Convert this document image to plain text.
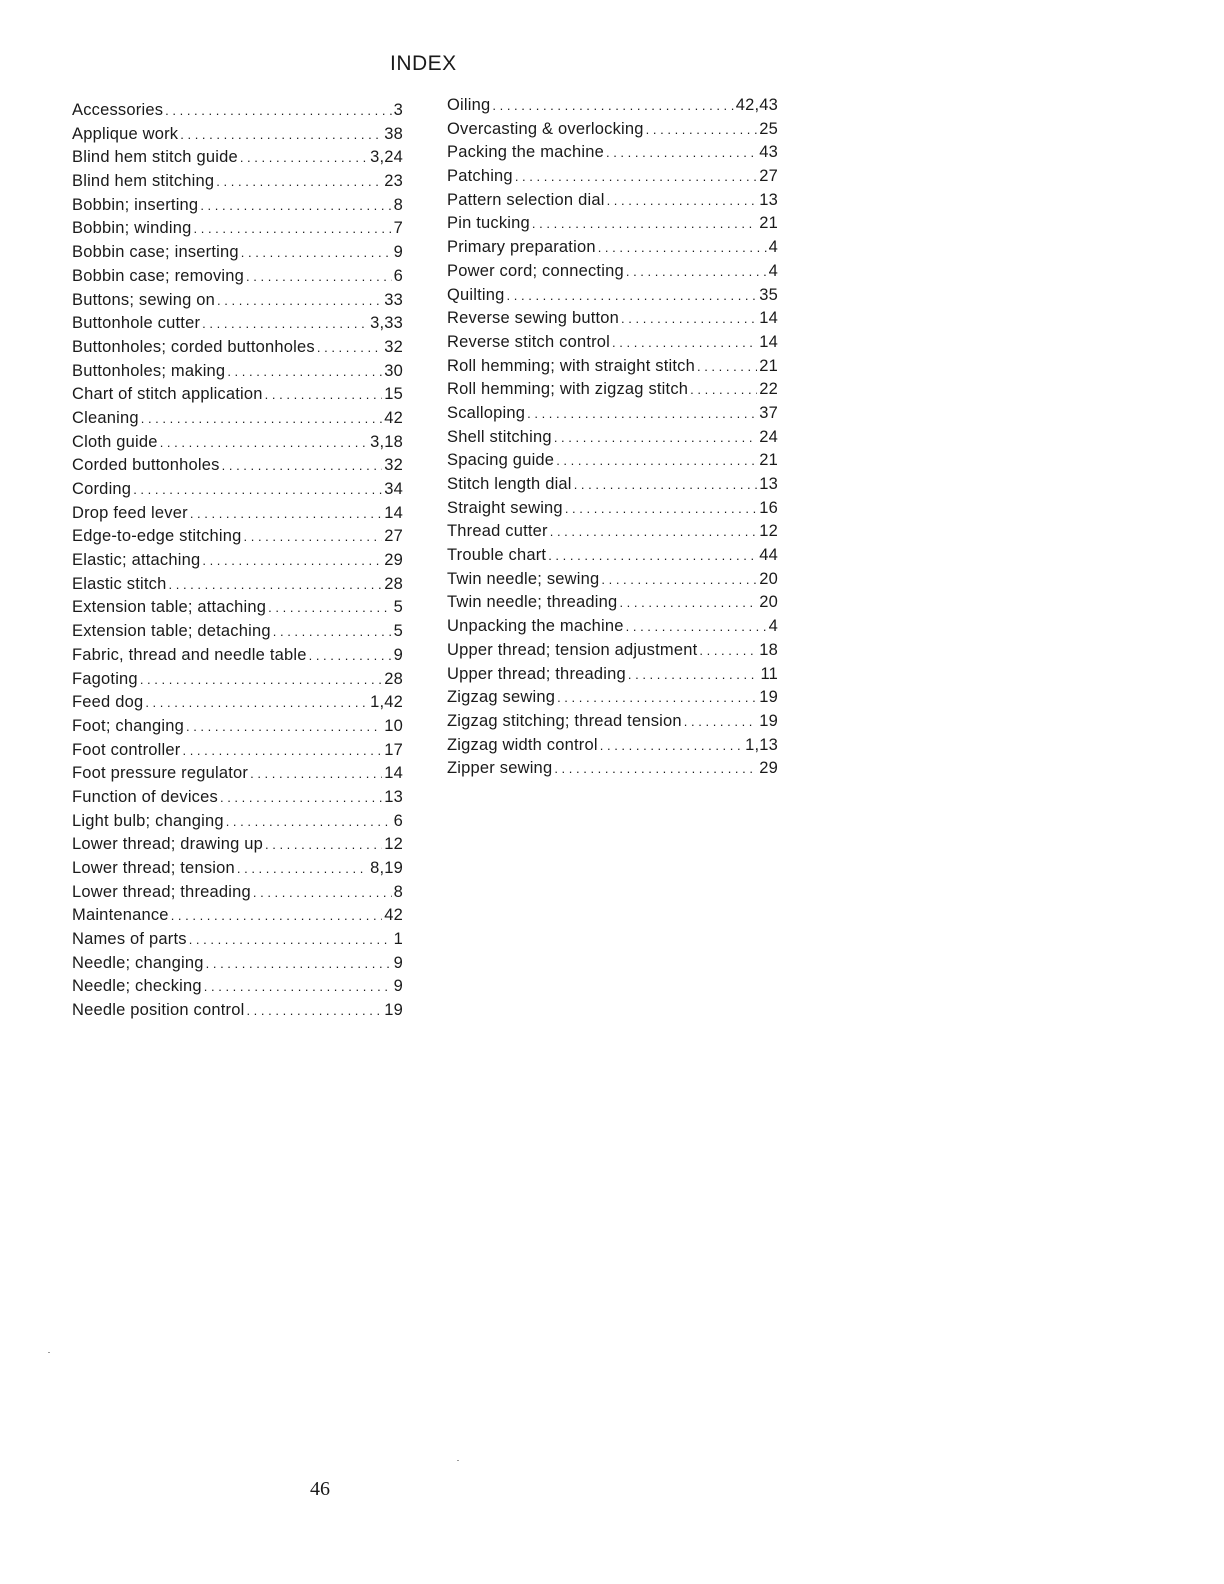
INDEX
Accessories . . .	3
Applique work . . .	38
Blind hem stitch guide . . .	3,24
Blind hem stitching . . .	23
Bobbin; inserting . . .	8
Bobbin; winding . . .	7
Bobbin case; inserting . . .	9
Bobbin case; removing . . .	6
Buttons; sewing on . . .	33
Buttonhole cutter . . .	3,33
Buttonholes; corded buttonholes . . .	32
Buttonholes; making . . .	30
Chart of stitch application . . .	15
Cleaning . . .	42
Cloth guide . . .	3,18
Corded buttonholes . . .	32
Cording . . .	34
Drop feed lever . . .	14
Edge-to-edge stitching . . .	27
Elastic; attaching . . .	29
Elastic stitch . . .	28
Extension table; attaching . . .	5
Extension table; detaching . . .	5
Fabric, thread and needle table . . .	9
Fagoting . . .	28
Feed dog . . .	1,42
Foot; changing . . .	10
Foot controller . . .	17
Foot pressure regulator . . .	14
Function of devices . . .	13
Light bulb; changing . . .	6
Lower thread; drawing up . . .	12
Lower thread; tension . . .	8,19
Lower thread; threading . . .	8
Maintenance . . .	42
Names of parts . . .	1
Needle; changing . . .	9
Needle; checking . . .	9
Needle position control . . .	19
Oiling . . .	42,43
Overcasting & overlocking . . .	25
Packing the machine . . .	43
Patching . . .	27
Pattern selection dial . . .	13
Pin tucking . . .	21
Primary preparation . . .	4
Power cord; connecting . . .	4
Quilting . . .	35
Reverse sewing button . . .	14
Reverse stitch control . . .	14
Roll hemming; with straight stitch . . .	21
Roll hemming; with zigzag stitch . . .	22
Scalloping . . .	37
Shell stitching . . .	24
Spacing guide . . .	21
Stitch length dial . . .	13
Straight sewing . . .	16
Thread cutter . . .	12
Trouble chart . . .	44
Twin needle; sewing . . .	20
Twin needle; threading . . .	20
Unpacking the machine . . .	4
Upper thread; tension adjustment . . .	18
Upper thread; threading . . .	11
Zigzag sewing . . .	19
Zigzag stitching; thread tension . . .	19
Zigzag width control . . .	1,13
Zipper sewing . . .	29
46
